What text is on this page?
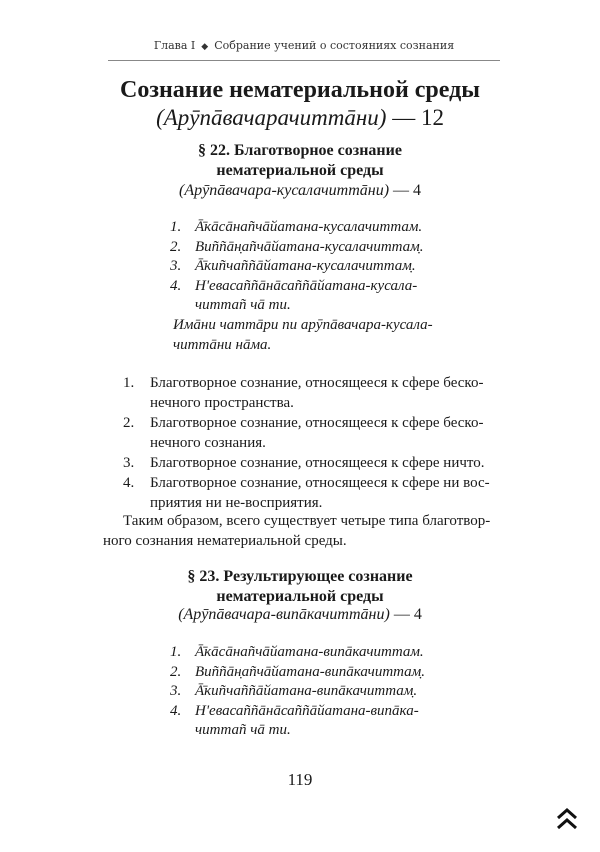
Глава I ◆ Собрание учений о состояниях сознания
Сознание нематериальной среды
(Арӯпāвачарачиттāни) — 12
§ 22. Благотворное сознание
нематериальной среды
(Арӯпāвачара-кусалачиттāни) — 4
1. Ā̄кāсāнаñчāйатана-кусалачиттам.
2. Виññāн̣аñчāйатана-кусалачиттам̣.
3. Ā̄киñчаññāйатана-кусалачиттам̣.
4. Н'евасаññāнāсаññāйатана-кусала-
читтаñ чā ти.
Имāни чаттāри пи арӯпāвачара-кусала-
читтāни нāма.
1. Благотворное сознание, относящееся к сфере беско-
нечного пространства.
2. Благотворное сознание, относящееся к сфере беско-
нечного сознания.
3. Благотворное сознание, относящееся к сфере ничто.
4. Благотворное сознание, относящееся к сфере ни вос-
приятия ни не-восприятия.
Таким образом, всего существует четыре типа благотвор-
ного сознания нематериальной среды.
§ 23. Результирующее сознание
нематериальной среды
(Арӯпāвачара-випāкачиттāни) — 4
1. Ā̄кāсāнаñчāйатана-випāкачиттам.
2. Виññāн̣аñчāйатана-випāкачиттам̣.
3. Ā̄киñчаññāйатана-випāкачиттам̣.
4. Н'евасаññāнāсаññāйатана-випāка-
читтаñ чā ти.
119
